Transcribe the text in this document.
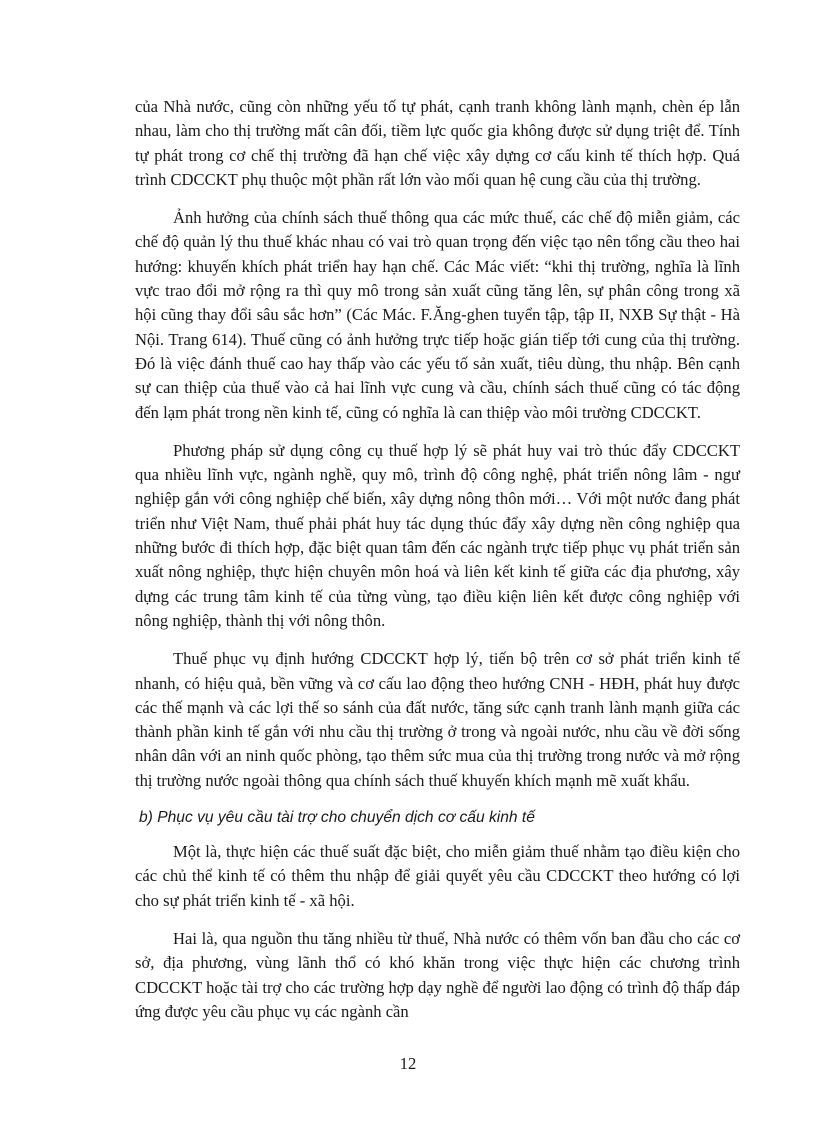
của Nhà nước, cũng còn những yếu tố tự phát, cạnh tranh không lành mạnh, chèn ép lẫn nhau, làm cho thị trường mất cân đối, tiềm lực quốc gia không được sử dụng triệt để. Tính tự phát trong cơ chế thị trường đã hạn chế việc xây dựng cơ cấu kinh tế thích hợp. Quá trình CDCCKT phụ thuộc một phần rất lớn vào mối quan hệ cung cầu của thị trường.

Ảnh hưởng của chính sách thuế thông qua các mức thuế, các chế độ miễn giảm, các chế độ quản lý thu thuế khác nhau có vai trò quan trọng đến việc tạo nên tổng cầu theo hai hướng: khuyến khích phát triển hay hạn chế. Các Mác viết: “khi thị trường, nghĩa là lĩnh vực trao đổi mở rộng ra thì quy mô trong sản xuất cũng tăng lên, sự phân công trong xã hội cũng thay đổi sâu sắc hơn” (Các Mác. F.Ăng-ghen tuyển tập, tập II, NXB Sự thật - Hà Nội. Trang 614). Thuế cũng có ảnh hưởng trực tiếp hoặc gián tiếp tới cung của thị trường. Đó là việc đánh thuế cao hay thấp vào các yếu tố sản xuất, tiêu dùng, thu nhập. Bên cạnh sự can thiệp của thuế vào cả hai lĩnh vực cung và cầu, chính sách thuế cũng có tác động đến lạm phát trong nền kinh tế, cũng có nghĩa là can thiệp vào môi trường CDCCKT.

Phương pháp sử dụng công cụ thuế hợp lý sẽ phát huy vai trò thúc đẩy CDCCKT qua nhiều lĩnh vực, ngành nghề, quy mô, trình độ công nghệ, phát triển nông lâm - ngư nghiệp gắn với công nghiệp chế biến, xây dựng nông thôn mới… Với một nước đang phát triển như Việt Nam, thuế phải phát huy tác dụng thúc đẩy xây dựng nền công nghiệp qua những bước đi thích hợp, đặc biệt quan tâm đến các ngành trực tiếp phục vụ phát triển sản xuất nông nghiệp, thực hiện chuyên môn hoá và liên kết kinh tế giữa các địa phương, xây dựng các trung tâm kinh tế của từng vùng, tạo điều kiện liên kết được công nghiệp với nông nghiệp, thành thị với nông thôn.

Thuế phục vụ định hướng CDCCKT hợp lý, tiến bộ trên cơ sở phát triển kinh tế nhanh, có hiệu quả, bền vững và cơ cấu lao động theo hướng CNH - HĐH, phát huy được các thế mạnh và các lợi thế so sánh của đất nước, tăng sức cạnh tranh lành mạnh giữa các thành phần kinh tế gắn với nhu cầu thị trường ở trong và ngoài nước, nhu cầu về đời sống nhân dân với an ninh quốc phòng, tạo thêm sức mua của thị trường trong nước và mở rộng thị trường nước ngoài thông qua chính sách thuế khuyến khích mạnh mẽ xuất khẩu.

b) Phục vụ yêu cầu tài trợ cho chuyển dịch cơ cấu kinh tế

Một là, thực hiện các thuế suất đặc biệt, cho miễn giảm thuế nhằm tạo điều kiện cho các chủ thể kinh tế có thêm thu nhập để giải quyết yêu cầu CDCCKT theo hướng có lợi cho sự phát triển kinh tế - xã hội.

Hai là, qua nguồn thu tăng nhiều từ thuế, Nhà nước có thêm vốn ban đầu cho các cơ sở, địa phương, vùng lãnh thổ có khó khăn trong việc thực hiện các chương trình CDCCKT hoặc tài trợ cho các trường hợp dạy nghề để người lao động có trình độ thấp đáp ứng được yêu cầu phục vụ các ngành cần

12
